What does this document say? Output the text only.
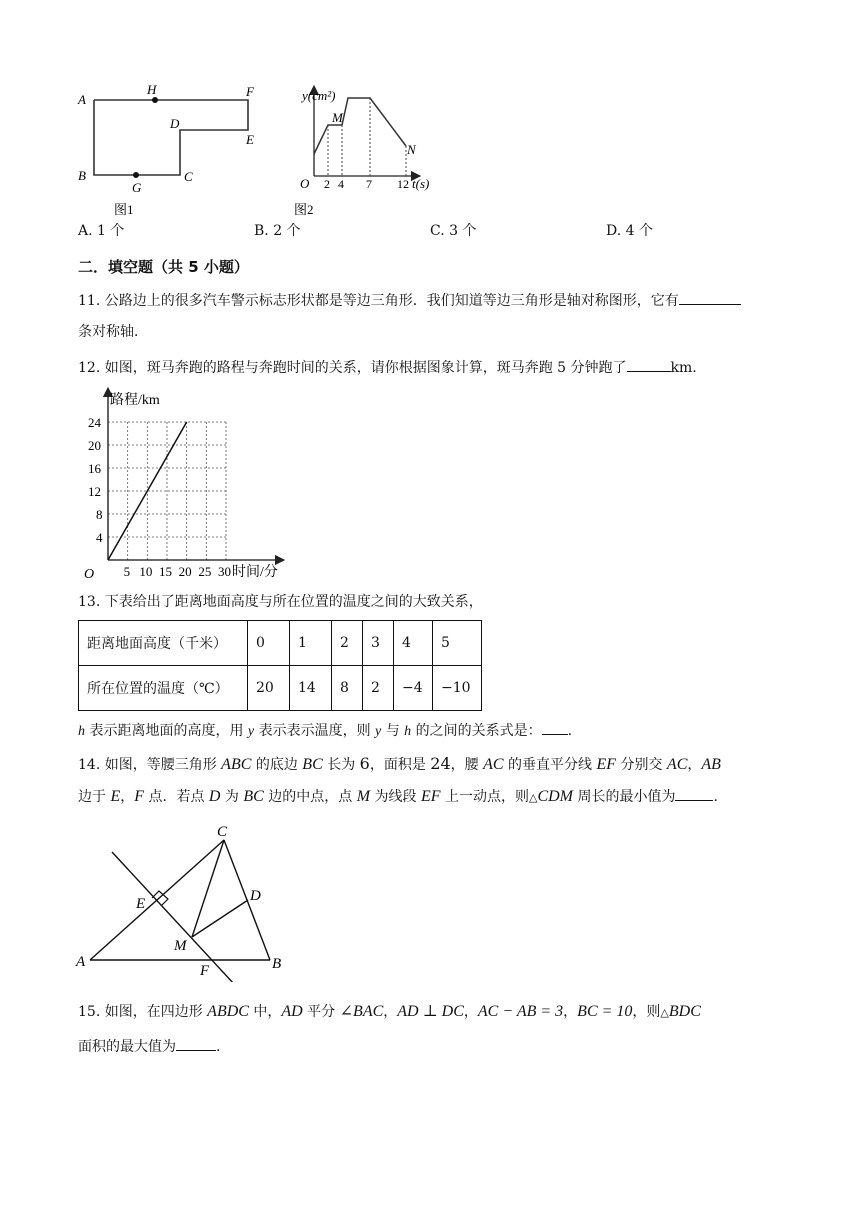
A
H	F
D
E
B
G
C
图1
y(cm²)
M
N
O 2 4 7 12 t(s)
图2
A. 1 个	B. 2 个	C. 3 个	D. 4 个
二．填空题（共 5 小题）
11. 公路边上的很多汽车警示标志形状都是等边三角形．我们知道等边三角形是轴对称图形，它有
条对称轴．
12. 如图，斑马奔跑的路程与奔跑时间的关系，请你根据图象计算，斑马奔跑 5 分钟跑了	km.
5 10 15 20 25 30
4
8
12
16
20
24
O
路程/km
时间/分
13. 下表给出了距离地面高度与所在位置的温度之间的大致关系，
距离地面高度（千米）	0	1	2	3	4	5
所在位置的温度（℃）	20	14	8	2	−4	−10
h 表示距离地面的高度，用 y 表示表示温度，则 y 与 h 的之间的关系式是： .
14. 如图，等腰三角形 ABC 的底边 BC 长为 6，面积是 24，腰 AC 的垂直平分线 EF 分别交 AC，AB
边于 E，F 点．若点 D 为 BC 边的中点，点 M 为线段 EF 上一动点，则△CDM 周长的最小值为	.
C
E	D
M
A
F	B
15. 如图，在四边形 ABDC 中，AD 平分 ∠BAC，AD ⊥ DC，AC − AB = 3，BC = 10，则△BDC
面积的最大值为	.
